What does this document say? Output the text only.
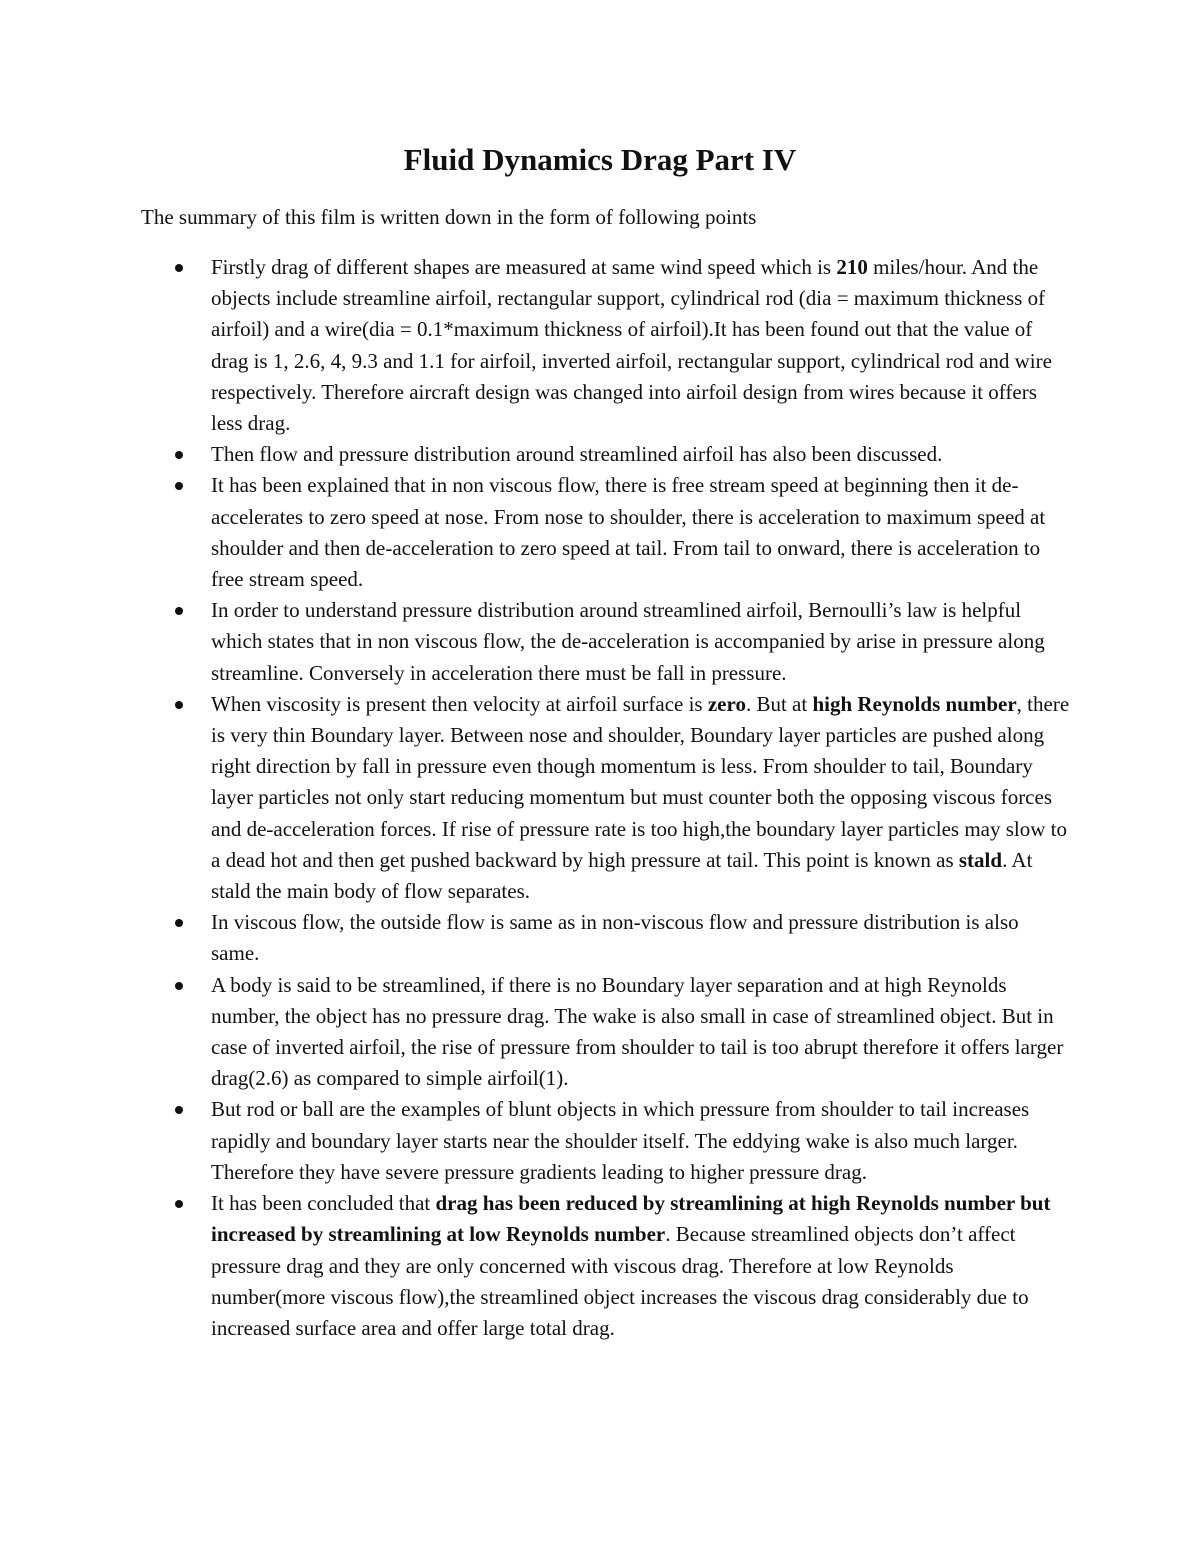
Fluid Dynamics Drag Part IV

The summary of this film is written down in the form of following points

Firstly drag of different shapes are measured at same wind speed which is 210 miles/hour. And the objects include streamline airfoil, rectangular support, cylindrical rod (dia = maximum thickness of airfoil) and a wire(dia = 0.1*maximum thickness of airfoil).It has been found out that the value of drag is 1, 2.6, 4, 9.3 and 1.1 for airfoil, inverted airfoil, rectangular support, cylindrical rod and wire respectively. Therefore aircraft design was changed into airfoil design from wires because it offers less drag.
Then flow and pressure distribution around streamlined airfoil has also been discussed.
It has been explained that in non viscous flow, there is free stream speed at beginning then it de-accelerates to zero speed at nose. From nose to shoulder, there is acceleration to maximum speed at shoulder and then de-acceleration to zero speed at tail. From tail to onward, there is acceleration to free stream speed.
In order to understand pressure distribution around streamlined airfoil, Bernoulli’s law is helpful which states that in non viscous flow, the de-acceleration is accompanied by arise in pressure along streamline. Conversely in acceleration there must be fall in pressure.
When viscosity is present then velocity at airfoil surface is zero. But at high Reynolds number, there is very thin Boundary layer. Between nose and shoulder, Boundary layer particles are pushed along right direction by fall in pressure even though momentum is less. From shoulder to tail, Boundary layer particles not only start reducing momentum but must counter both the opposing viscous forces and de-acceleration forces. If rise of pressure rate is too high,the boundary layer particles may slow to a dead hot and then get pushed backward by high pressure at tail. This point is known as stald. At stald the main body of flow separates.
In viscous flow, the outside flow is same as in non-viscous flow and pressure distribution is also same.
A body is said to be streamlined, if there is no Boundary layer separation and at high Reynolds number, the object has no pressure drag. The wake is also small in case of streamlined object. But in case of inverted airfoil, the rise of pressure from shoulder to tail is too abrupt therefore it offers larger drag(2.6) as compared to simple airfoil(1).
But rod or ball are the examples of blunt objects in which pressure from shoulder to tail increases rapidly and boundary layer starts near the shoulder itself. The eddying wake is also much larger. Therefore they have severe pressure gradients leading to higher pressure drag.
It has been concluded that drag has been reduced by streamlining at high Reynolds number but increased by streamlining at low Reynolds number. Because streamlined objects don’t affect pressure drag and they are only concerned with viscous drag. Therefore at low Reynolds number(more viscous flow),the streamlined object increases the viscous drag considerably due to increased surface area and offer large total drag.
